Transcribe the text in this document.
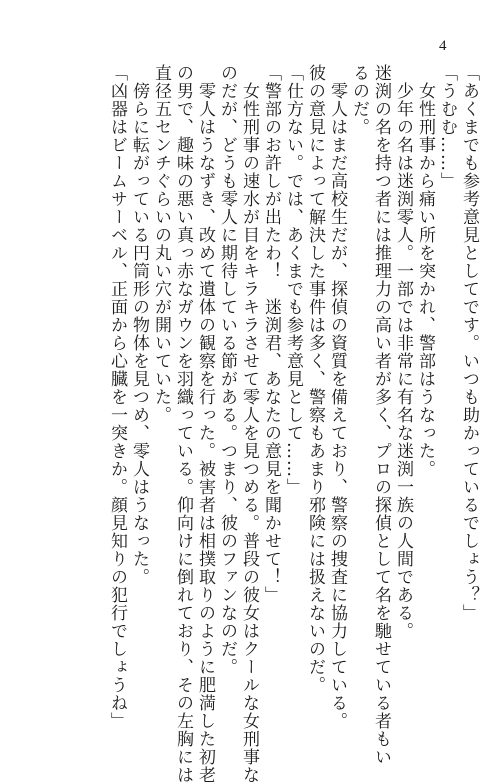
4
「あくまでも参考意見としてです。いつも助かっているでしょう？」
「うむむ……」
　女性刑事から痛い所を突かれ、警部はうなった。
　少年の名は迷渕零人。一部では非常に有名な迷渕一族の人間である。
迷渕の名を持つ者には推理力の高い者が多く、プロの探偵として名を馳せている者もい
るのだ。
　零人はまだ高校生だが、探偵の資質を備えており、警察の捜査に協力している。
彼の意見によって解決した事件は多く、警察もあまり邪険には扱えないのだ。
「仕方ない。では、あくまでも参考意見として……」
「警部のお許しが出たわ！　迷渕君、あなたの意見を聞かせて！」
　女性刑事の速水が目をキラキラさせて零人を見つめる。普段の彼女はクールな女刑事な
のだが、どうも零人に期待している節がある。つまり、彼のファンなのだ。
　零人はうなずき、改めて遺体の観察を行った。被害者は相撲取りのように肥満した初老
の男で、趣味の悪い真っ赤なガウンを羽織っている。仰向けに倒れており、その左胸には
直径五センチぐらいの丸い穴が開いていた。
　傍らに転がっている円筒形の物体を見つめ、零人はうなった。
「凶器はビームサーベル、正面から心臓を一突きか。顔見知りの犯行でしょうね」
